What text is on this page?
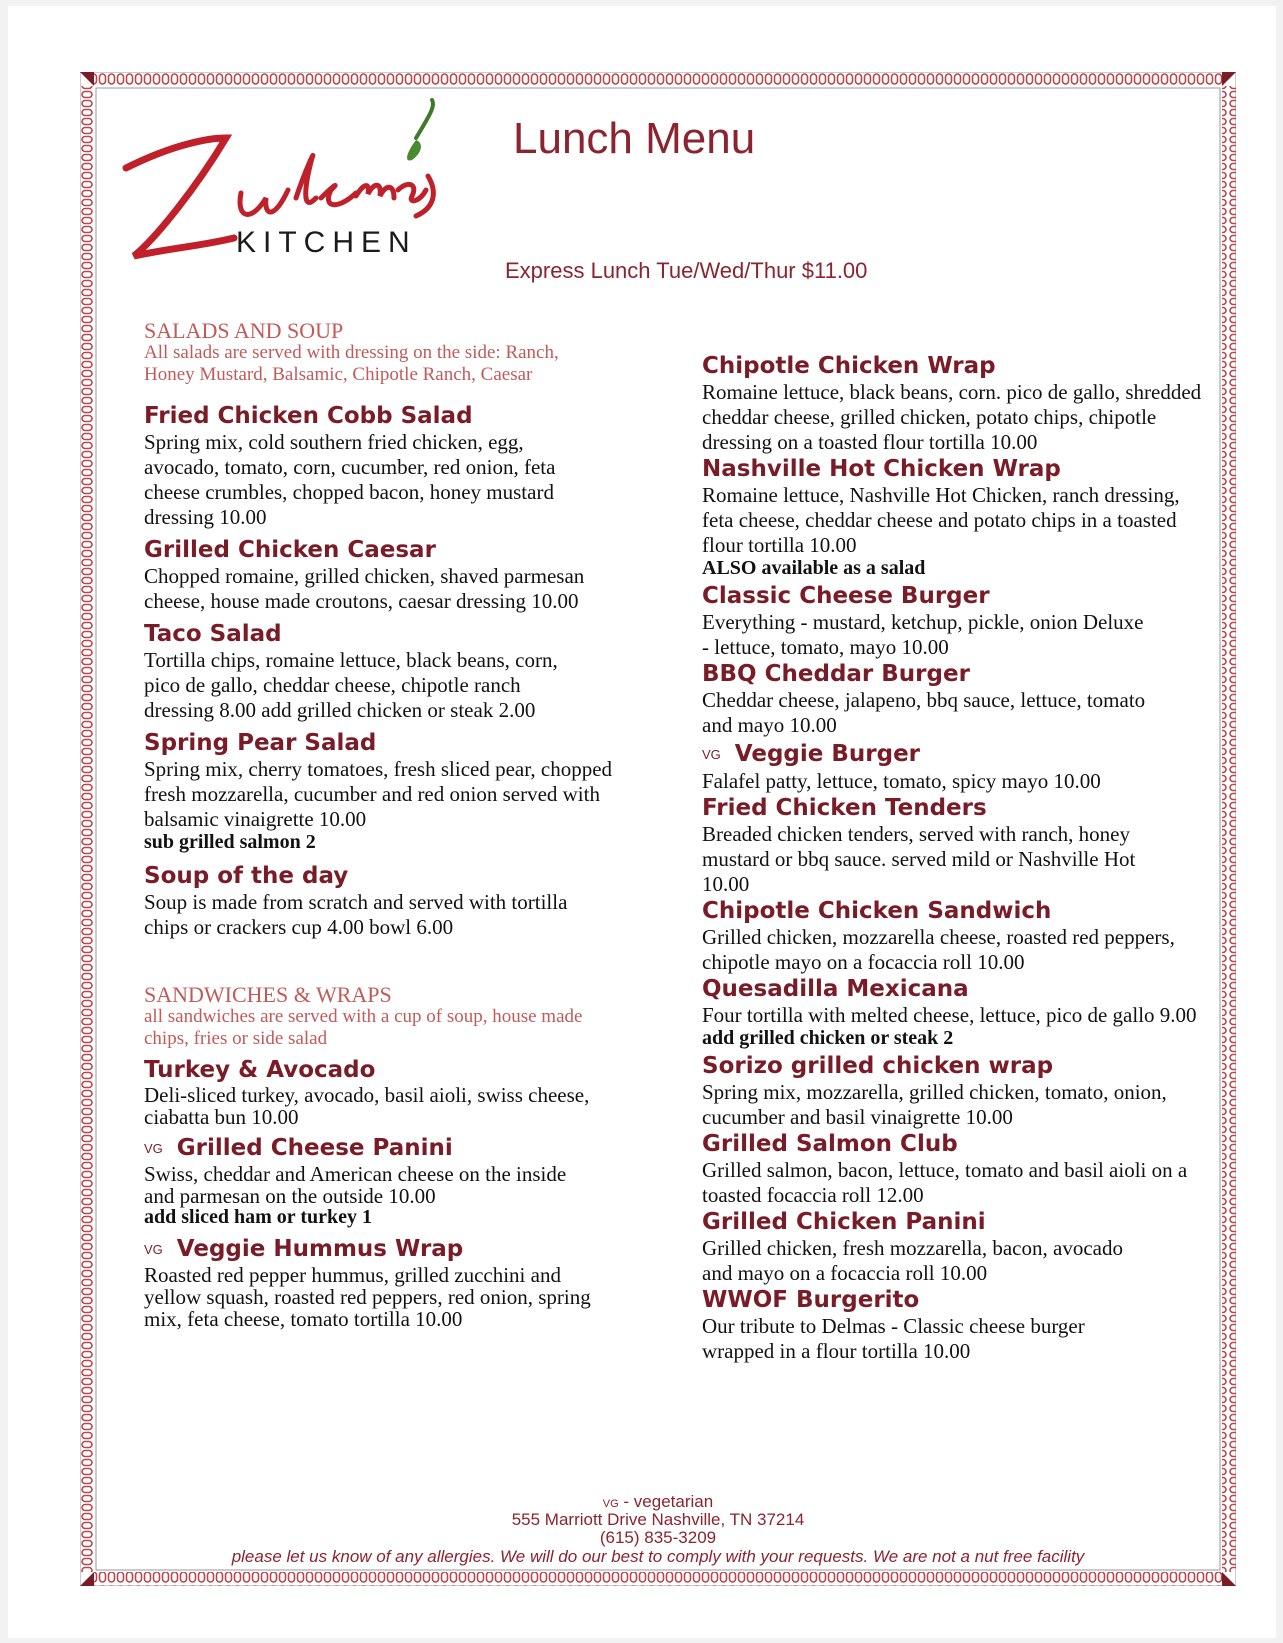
KITCHEN
Lunch Menu
Express Lunch Tue/Wed/Thur $11.00
SALADS AND SOUP
All salads are served with dressing on the side: Ranch, Honey Mustard, Balsamic, Chipotle Ranch, Caesar
Fried Chicken Cobb Salad
Spring mix, cold southern fried chicken, egg, avocado, tomato, corn, cucumber, red onion, feta cheese crumbles, chopped bacon, honey mustard dressing 10.00
Grilled Chicken Caesar
Chopped romaine, grilled chicken, shaved parmesan cheese, house made croutons, caesar dressing 10.00
Taco Salad
Tortilla chips, romaine lettuce, black beans, corn, pico de gallo, cheddar cheese, chipotle ranch dressing 8.00 add grilled chicken or steak 2.00
Spring Pear Salad
Spring mix, cherry tomatoes, fresh sliced pear, chopped fresh mozzarella, cucumber and red onion served with balsamic vinaigrette 10.00
sub grilled salmon 2
Soup of the day
Soup is made from scratch and served with tortilla chips or crackers cup 4.00 bowl 6.00
SANDWICHES & WRAPS
all sandwiches are served with a cup of soup, house made chips, fries or side salad
Turkey & Avocado
Deli-sliced turkey, avocado, basil aioli, swiss cheese, ciabatta bun 10.00
VG Grilled Cheese Panini
Swiss, cheddar and American cheese on the inside and parmesan on the outside 10.00
add sliced ham or turkey 1
VG Veggie Hummus Wrap
Roasted red pepper hummus, grilled zucchini and yellow squash, roasted red peppers, red onion, spring mix, feta cheese, tomato tortilla 10.00
Chipotle Chicken Wrap
Romaine lettuce, black beans, corn. pico de gallo, shredded cheddar cheese, grilled chicken, potato chips, chipotle dressing on a toasted flour tortilla 10.00
Nashville Hot Chicken Wrap
Romaine lettuce, Nashville Hot Chicken, ranch dressing, feta cheese, cheddar cheese and potato chips in a toasted flour tortilla 10.00
ALSO available as a salad
Classic Cheese Burger
Everything - mustard, ketchup, pickle, onion Deluxe - lettuce, tomato, mayo 10.00
BBQ Cheddar Burger
Cheddar cheese, jalapeno, bbq sauce, lettuce, tomato and mayo 10.00
VG Veggie Burger
Falafel patty, lettuce, tomato, spicy mayo 10.00
Fried Chicken Tenders
Breaded chicken tenders, served with ranch, honey mustard or bbq sauce. served mild or Nashville Hot 10.00
Chipotle Chicken Sandwich
Grilled chicken, mozzarella cheese, roasted red peppers, chipotle mayo on a focaccia roll 10.00
Quesadilla Mexicana
Four tortilla with melted cheese, lettuce, pico de gallo 9.00
add grilled chicken or steak 2
Sorizo grilled chicken wrap
Spring mix, mozzarella, grilled chicken, tomato, onion, cucumber and basil vinaigrette 10.00
Grilled Salmon Club
Grilled salmon, bacon, lettuce, tomato and basil aioli on a toasted focaccia roll 12.00
Grilled Chicken Panini
Grilled chicken, fresh mozzarella, bacon, avocado and mayo on a focaccia roll 10.00
WWOF Burgerito
Our tribute to Delmas - Classic cheese burger wrapped in a flour tortilla 10.00
VG - vegetarian
555 Marriott Drive Nashville, TN 37214
(615) 835-3209
please let us know of any allergies. We will do our best to comply with your requests. We are not a nut free facility
